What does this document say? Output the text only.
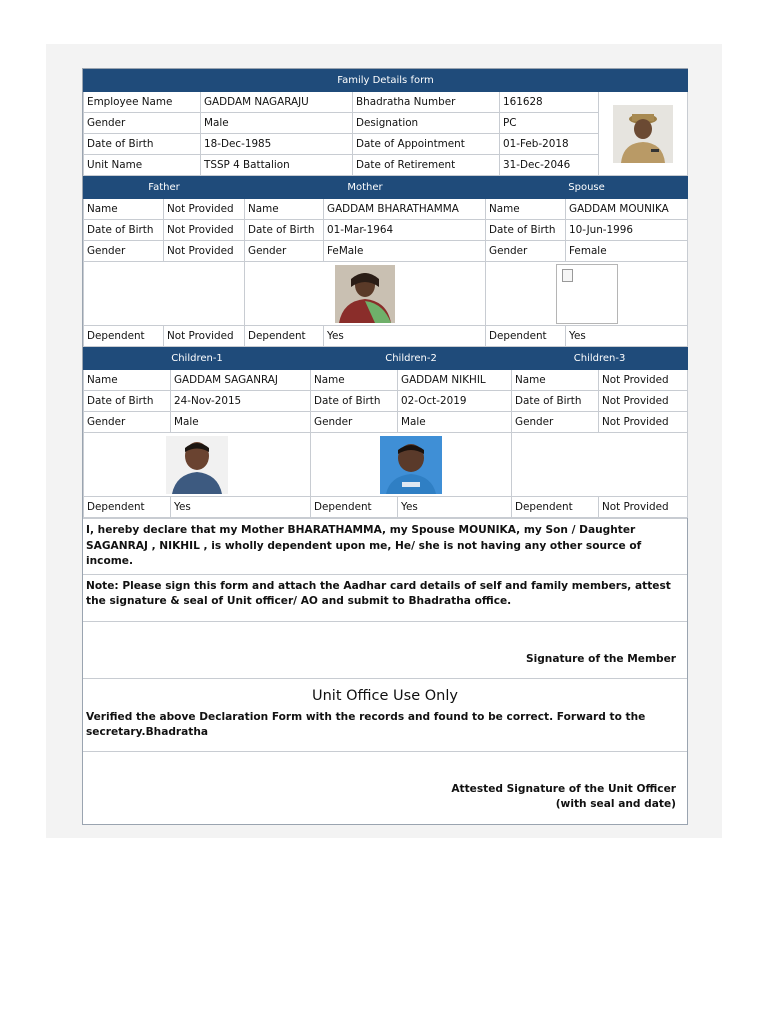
Family Details form				
Employee Name	GADDAM NAGARAJU	Bhadratha Number	161628	
Gender	Male	Designation	PC	
Date of Birth	18-Dec-1985	Date of Appointment	01-Feb-2018	
Unit Name	TSSP 4 Battalion	Date of Retirement	31-Dec-2046	
Father		Mother		Spouse	
Name	Not Provided	Name	GADDAM BHARATHAMMA	Name	GADDAM MOUNIKA
Date of Birth	Not Provided	Date of Birth	01-Mar-1964	Date of Birth	10-Jun-1996
Gender	Not Provided	Gender	FeMale	Gender	Female

Dependent	Not Provided	Dependent	Yes	Dependent	Yes
Children-1		Children-2		Children-3	
Name	GADDAM SAGANRAJ	Name	GADDAM NIKHIL	Name	Not Provided
Date of Birth	24-Nov-2015	Date of Birth	02-Oct-2019	Date of Birth	Not Provided
Gender	Male	Gender	Male	Gender	Not Provided

Dependent	Yes	Dependent	Yes	Dependent	Not Provided
I, hereby declare that my Mother BHARATHAMMA, my Spouse MOUNIKA, my Son / Daughter SAGANRAJ , NIKHIL , is wholly dependent upon me, He/ she is not having any other source of income.
Note: Please sign this form and attach the Aadhar card details of self and family members, attest the signature & seal of Unit officer/ AO and submit to Bhadratha office.
Signature of the Member
Unit Office Use Only
Verified the above Declaration Form with the records and found to be correct. Forward to the secretary.Bhadratha
Attested Signature of the Unit Officer
(with seal and date)
